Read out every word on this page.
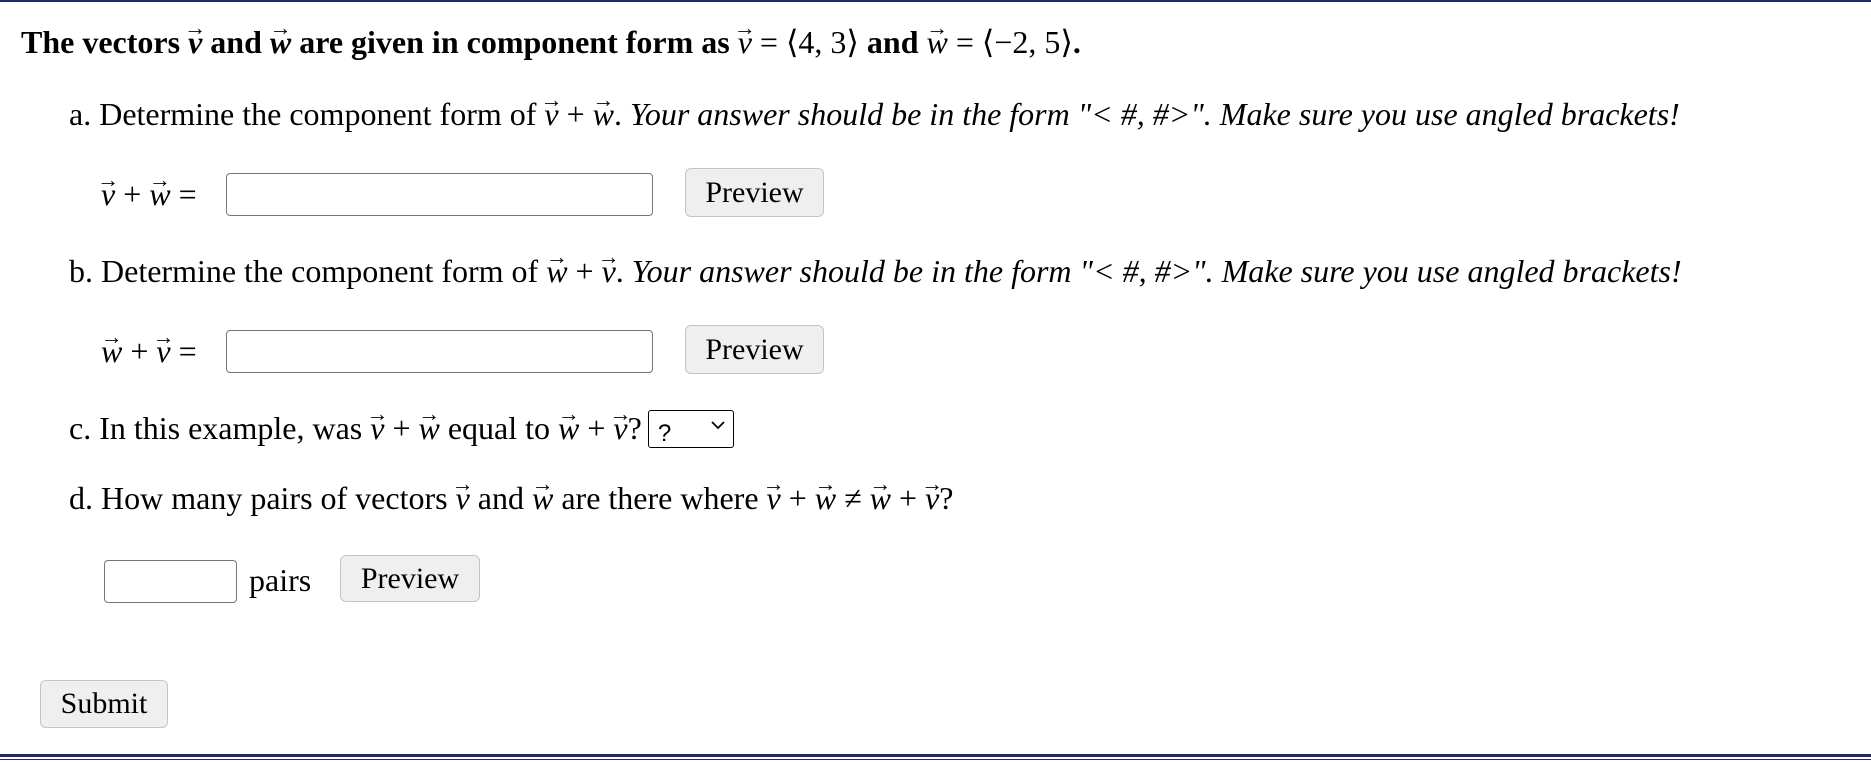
The vectors → v and → w are given in component form as → v = ⟨4, 3⟩ and → w = ⟨−2, 5⟩.
a. Determine the component form of → v + → w. Your answer should be in the form "< #, #>". Make sure you use angled brackets!
→ v + → w =	Preview
b. Determine the component form of → w + → v. Your answer should be in the form "< #, #>". Make sure you use angled brackets!
→ w + → v =	Preview
c. In this example, was → v + → w equal to → w + → v? ?
d. How many pairs of vectors → v and → w are there where → v + → w ≠ → w + → v?
pairs	Preview
Submit
